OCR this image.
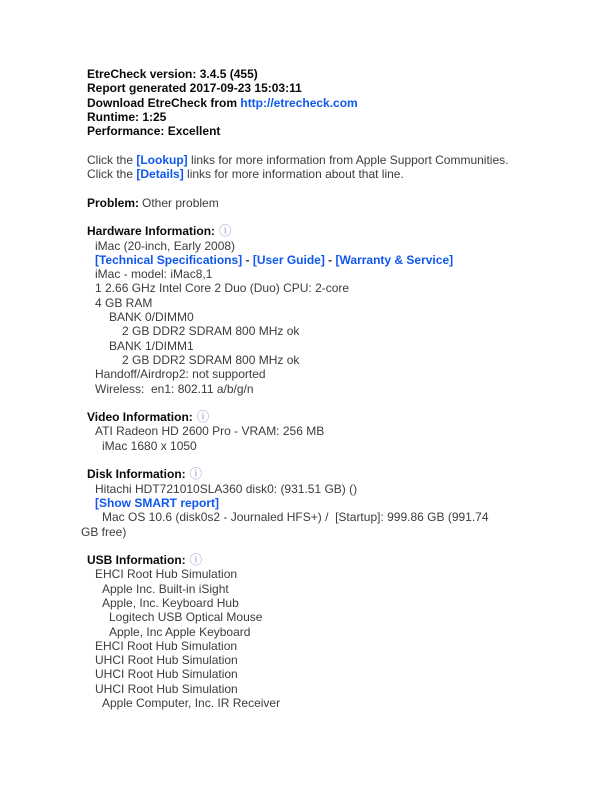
EtreCheck version: 3.4.5 (455)
Report generated 2017-09-23 15:03:11
Download EtreCheck from http://etrecheck.com
Runtime: 1:25
Performance: Excellent
Click the [Lookup] links for more information from Apple Support Communities.
Click the [Details] links for more information about that line.
Problem: Other problem
Hardware Information: ⓘ
iMac (20-inch, Early 2008)
[Technical Specifications] - [User Guide] - [Warranty & Service]
iMac - model: iMac8,1
1 2.66 GHz Intel Core 2 Duo (Duo) CPU: 2-core
4 GB RAM
BANK 0/DIMM0
2 GB DDR2 SDRAM 800 MHz ok
BANK 1/DIMM1
2 GB DDR2 SDRAM 800 MHz ok
Handoff/Airdrop2: not supported
Wireless:  en1: 802.11 a/b/g/n
Video Information: ⓘ
ATI Radeon HD 2600 Pro - VRAM: 256 MB
iMac 1680 x 1050
Disk Information: ⓘ
Hitachi HDT721010SLA360 disk0: (931.51 GB) ()
[Show SMART report]
Mac OS 10.6 (disk0s2 - Journaled HFS+) /  [Startup]: 999.86 GB (991.74
GB free)
USB Information: ⓘ
EHCI Root Hub Simulation
Apple Inc. Built-in iSight
Apple, Inc. Keyboard Hub
Logitech USB Optical Mouse
Apple, Inc Apple Keyboard
EHCI Root Hub Simulation
UHCI Root Hub Simulation
UHCI Root Hub Simulation
UHCI Root Hub Simulation
Apple Computer, Inc. IR Receiver
